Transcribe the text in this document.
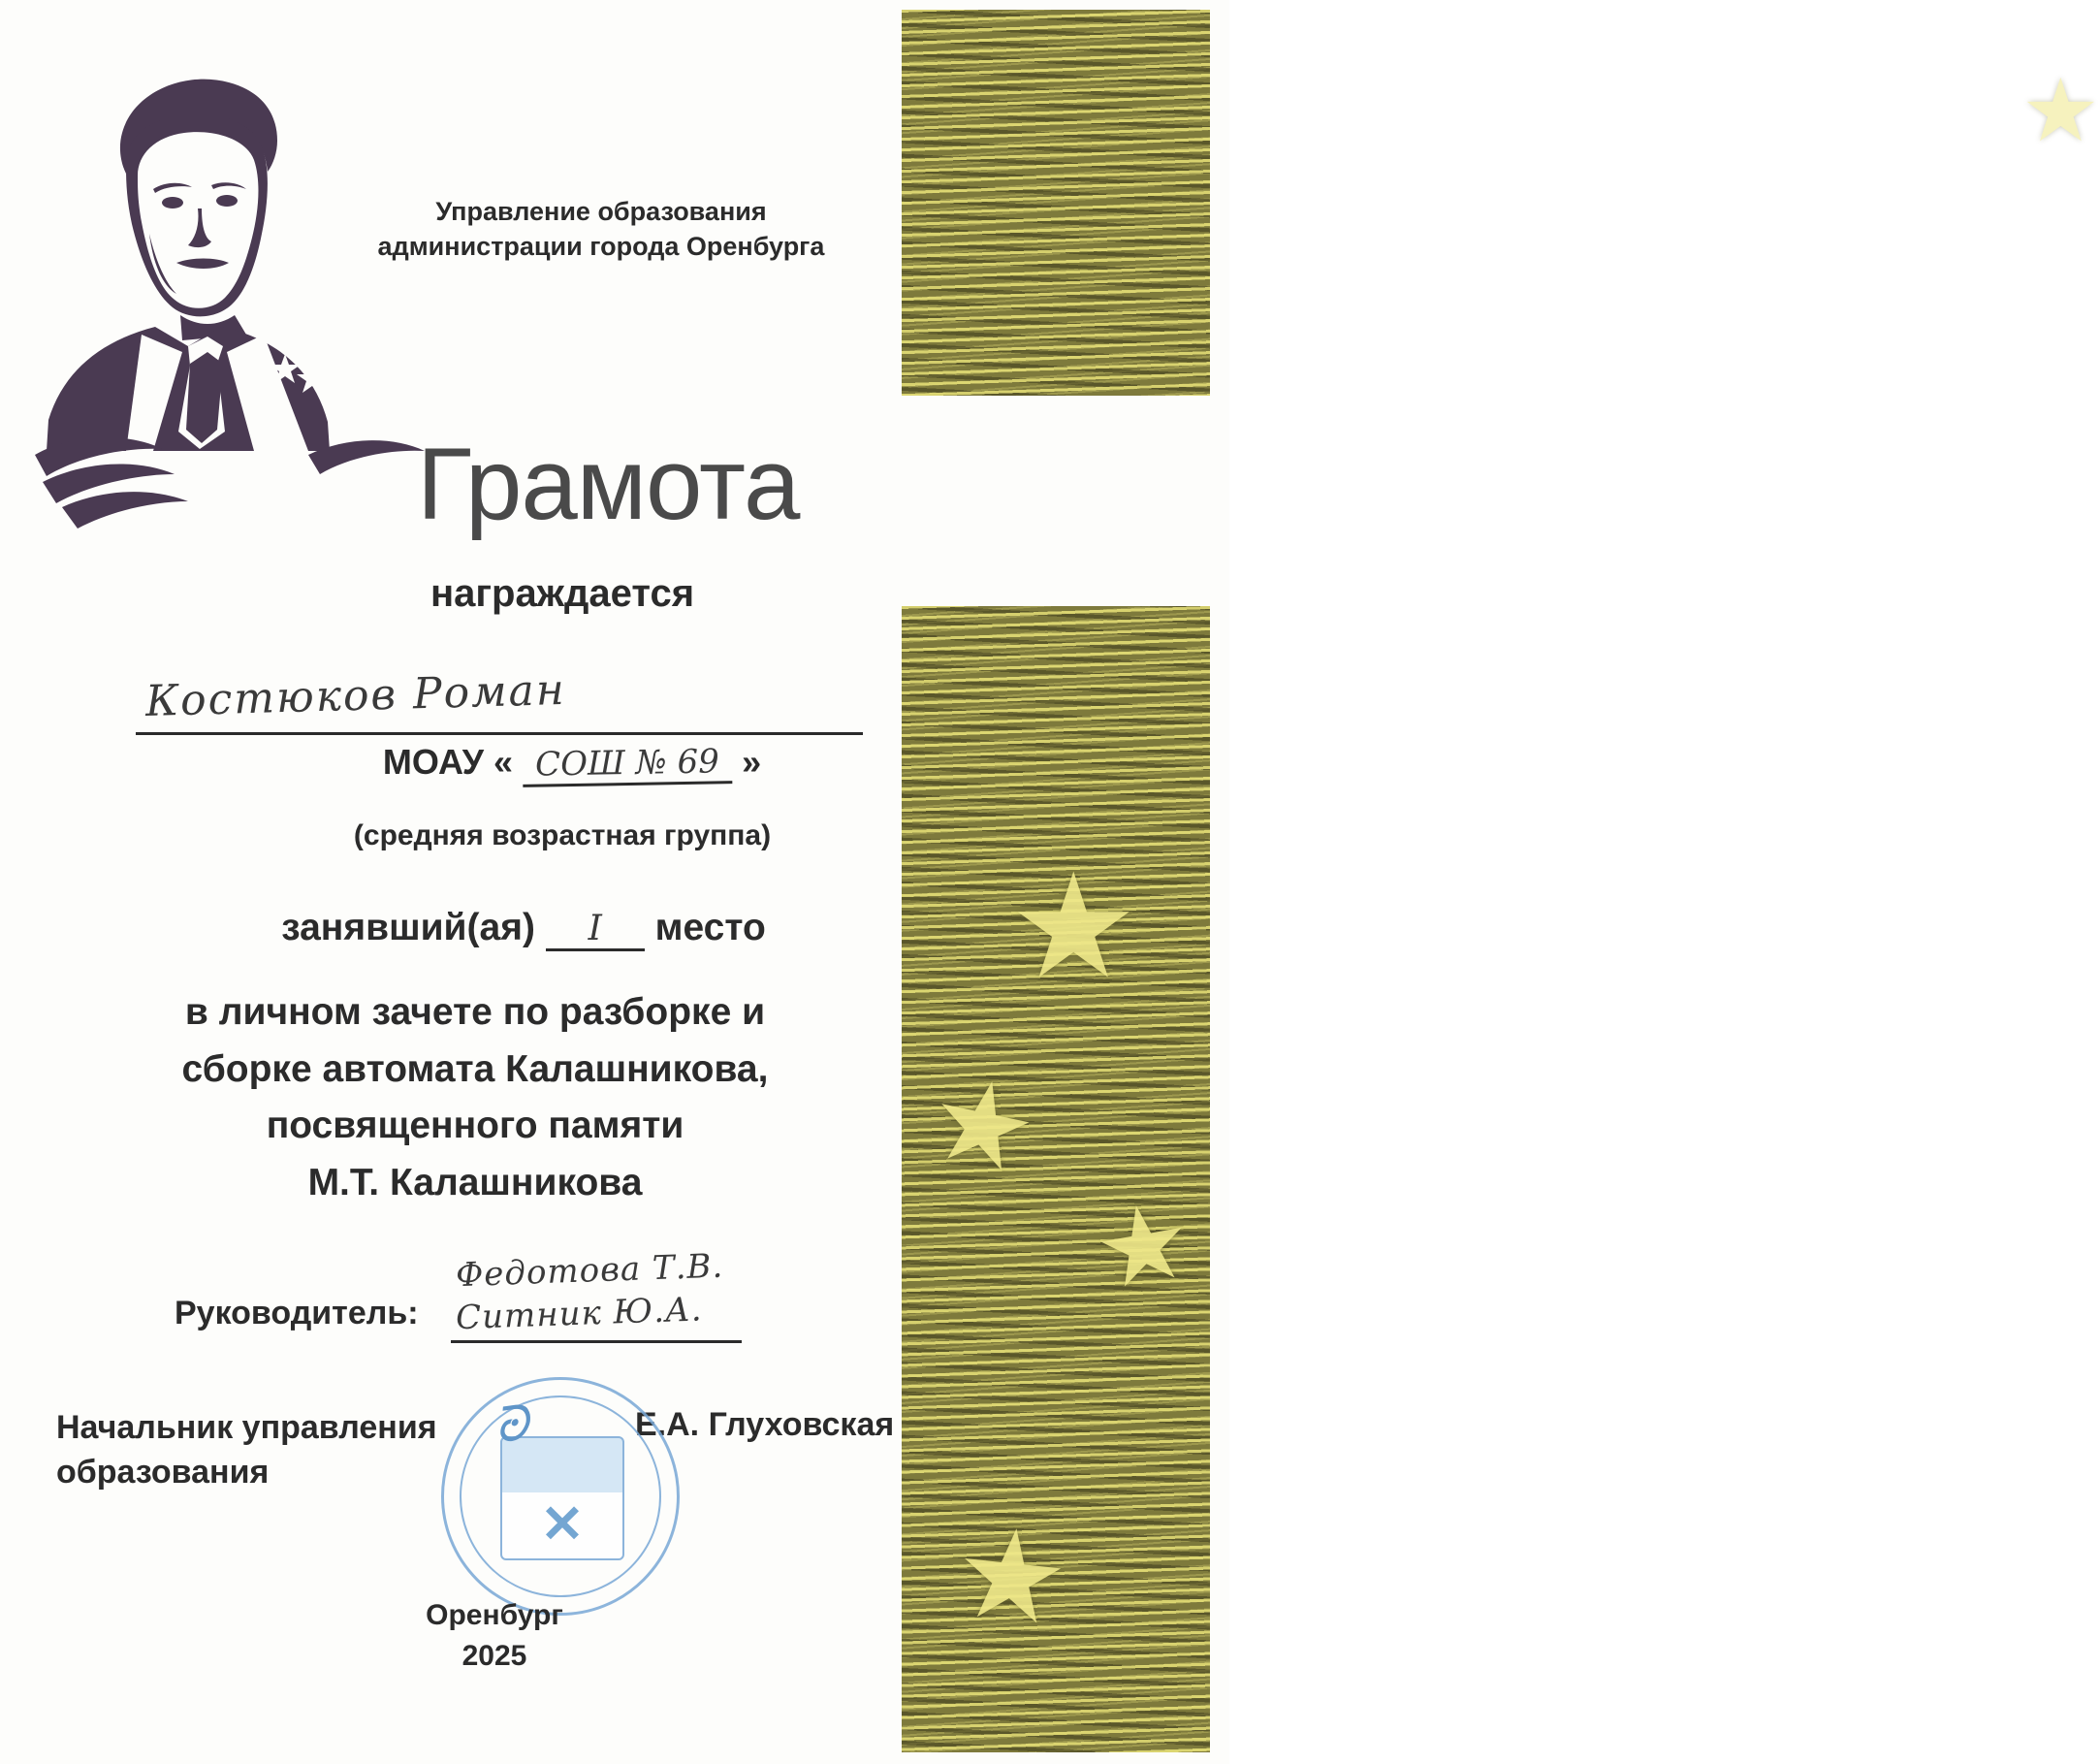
★
★
★
★
★
Управление образования
администрации города Оренбурга
Грамота
награждается
Костюков Роман
МОАУ « СОШ № 69 »
(средняя возрастная группа)
занявший(ая) I место
в личном зачете по разборке и
сборке автомата Калашникова,
посвященного памяти
М.Т. Калашникова
Руководитель:
Федотова Т.В.
Ситник Ю.А.
Начальник управления
образования
Е.А. Глуховская
✕
ᘒ
Оренбург
2025
